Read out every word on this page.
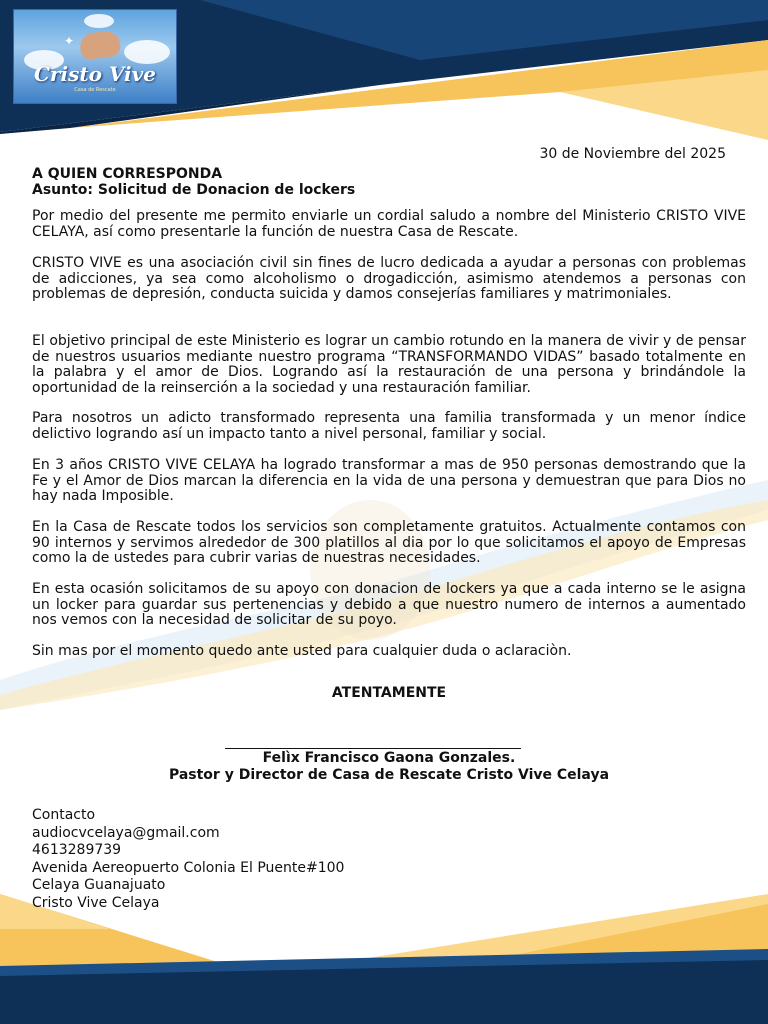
✦
Cristo Vive
Casa de Rescate
30 de Noviembre del 2025

A QUIEN CORRESPONDA

Asunto: Solicitud de Donacion de lockers

Por medio del presente me permito enviarle un cordial saludo a nombre del Ministerio CRISTO VIVE CELAYA, así como presentarle la función de nuestra Casa de Rescate.

CRISTO VIVE es una asociación civil sin fines de lucro dedicada a ayudar a personas con problemas de adicciones, ya sea como alcoholismo o drogadicción, asimismo atendemos a personas con problemas de depresión, conducta suicida y damos consejerías familiares y matrimoniales.

El objetivo principal de este Ministerio es lograr un cambio rotundo en la manera de vivir y de pensar de nuestros usuarios mediante nuestro programa “TRANSFORMANDO VIDAS” basado totalmente en la palabra y el amor de Dios. Logrando así la restauración de una persona y brindándole la oportunidad de la reinserción a la sociedad y una restauración familiar.

Para nosotros un adicto transformado representa una familia transformada y un menor índice delictivo logrando así un impacto tanto a nivel personal, familiar y social.

En 3 años CRISTO VIVE CELAYA ha logrado transformar a mas de 950 personas demostrando que la Fe y el Amor de Dios marcan la diferencia en la vida de una persona y demuestran que para Dios no hay nada Imposible.

En la Casa de Rescate todos los servicios son completamente gratuitos. Actualmente contamos con 90 internos y servimos alrededor de 300 platillos al dia por lo que solicitamos el apoyo de Empresas como la de ustedes para cubrir varias de nuestras necesidades.

En esta ocasión solicitamos de su apoyo con donacion de lockers ya que a cada interno se le asigna un locker para guardar sus pertenencias y debido a que nuestro numero de internos a aumentado nos vemos con la necesidad de solicitar de su poyo.

Sin mas por el momento quedo ante usted para cualquier duda o aclaraciòn.

ATENTAMENTE

Felìx Francisco Gaona Gonzales.

Pastor y Director de Casa de Rescate Cristo Vive Celaya

Contacto
audiocvcelaya@gmail.com
4613289739
Avenida Aereopuerto Colonia El Puente#100
Celaya Guanajuato
Cristo Vive Celaya
